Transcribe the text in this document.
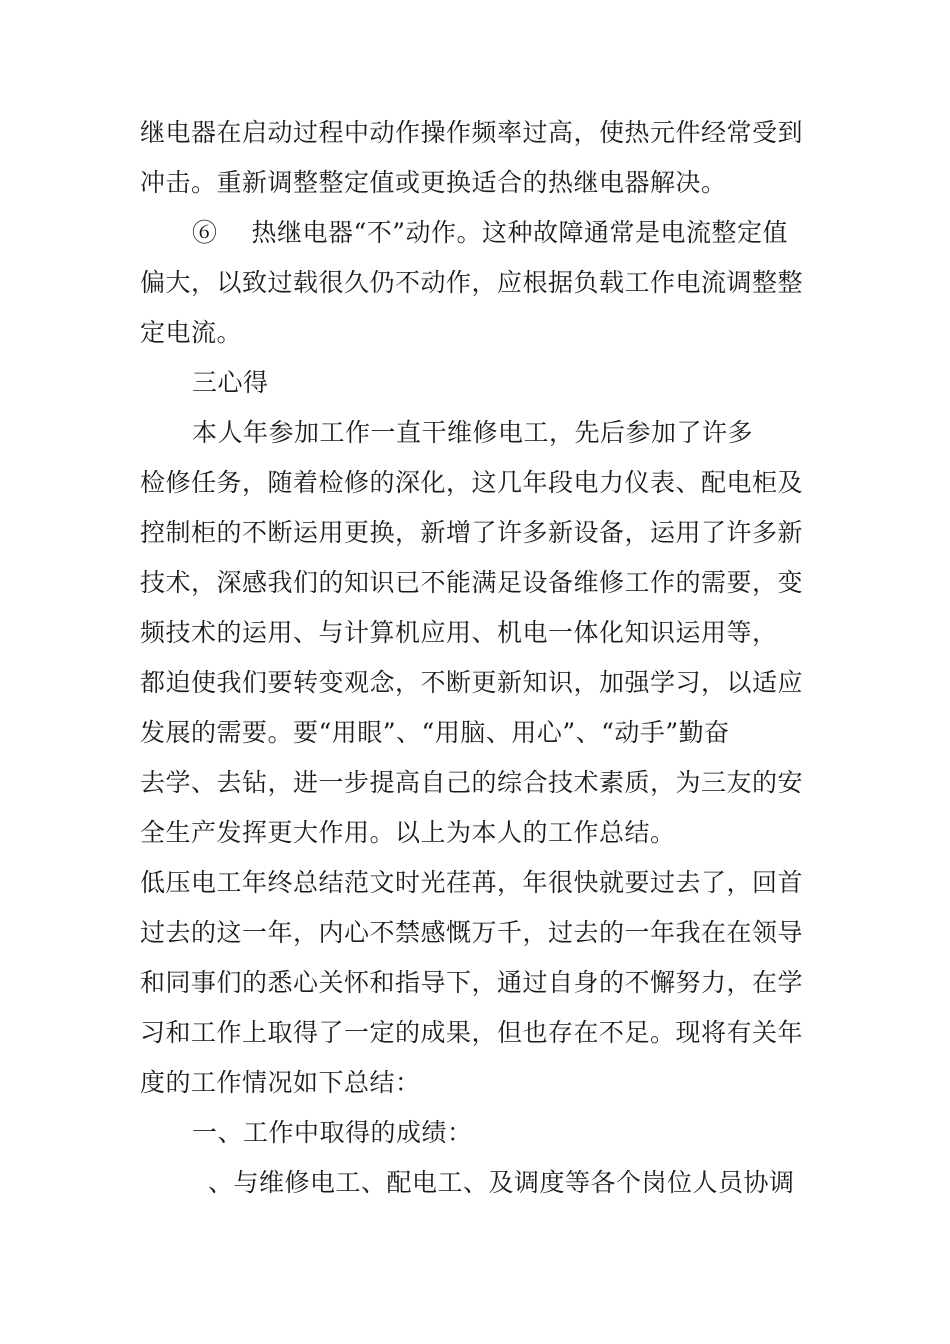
继电器在启动过程中动作操作频率过高，使热元件经常受到
冲击。重新调整整定值或更换适合的热继电器解决。
⑥　 热继电器“不”动作。这种故障通常是电流整定值
偏大，以致过载很久仍不动作，应根据负载工作电流调整整
定电流。
三心得
本人年参加工作一直干维修电工，先后参加了许多
检修任务，随着检修的深化，这几年段电力仪表、配电柜及
控制柜的不断运用更换，新增了许多新设备，运用了许多新
技术，深感我们的知识已不能满足设备维修工作的需要，变
频技术的运用、与计算机应用、机电一体化知识运用等，
都迫使我们要转变观念，不断更新知识，加强学习，以适应
发展的需要。要“用眼”、“用脑、用心”、“动手”勤奋
去学、去钻，进一步提高自己的综合技术素质，为三友的安
全生产发挥更大作用。以上为本人的工作总结。
低压电工年终总结范文时光荏苒，年很快就要过去了，回首
过去的这一年，内心不禁感慨万千，过去的一年我在在领导
和同事们的悉心关怀和指导下，通过自身的不懈努力，在学
习和工作上取得了一定的成果，但也存在不足。现将有关年
度的工作情况如下总结：
一、工作中取得的成绩：
、与维修电工、配电工、及调度等各个岗位人员协调
